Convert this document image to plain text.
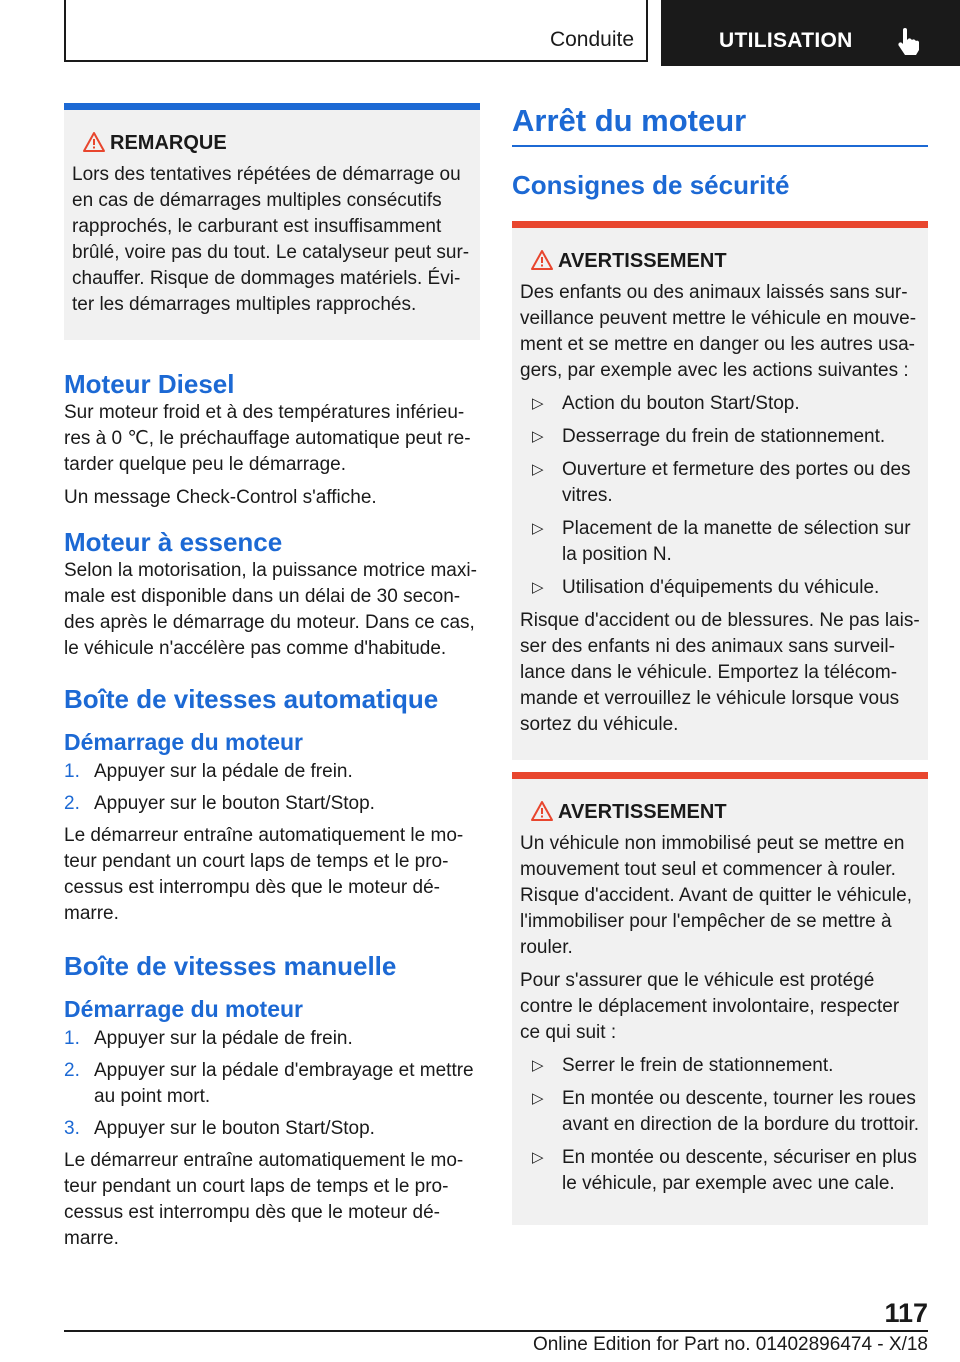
Conduite	UTILISATION
REMARQUE

Lors des tentatives répétées de démarrage ou en cas de démarrages multiples consécutifs rapprochés, le carburant est insuffisamment brûlé, voire pas du tout. Le catalyseur peut surchauffer. Risque de dommages matériels. Éviter les démarrages multiples rapprochés.

Moteur Diesel

Sur moteur froid et à des températures inférieures à 0 ℃, le préchauffage automatique peut retarder quelque peu le démarrage.

Un message Check-Control s'affiche.

Moteur à essence

Selon la motorisation, la puissance motrice maximale est disponible dans un délai de 30 secondes après le démarrage du moteur. Dans ce cas, le véhicule n'accélère pas comme d'habitude.

Boîte de vitesses automatique
Démarrage du moteur
1. Appuyer sur la pédale de frein.
2. Appuyer sur le bouton Start/Stop.

Le démarreur entraîne automatiquement le moteur pendant un court laps de temps et le processus est interrompu dès que le moteur démarre.

Boîte de vitesses manuelle
Démarrage du moteur
1. Appuyer sur la pédale de frein.
2. Appuyer sur la pédale d'embrayage et mettre au point mort.
3. Appuyer sur le bouton Start/Stop.

Le démarreur entraîne automatiquement le moteur pendant un court laps de temps et le processus est interrompu dès que le moteur démarre.

Arrêt du moteur
Consignes de sécurité
AVERTISSEMENT

Des enfants ou des animaux laissés sans surveillance peuvent mettre le véhicule en mouvement et se mettre en danger ou les autres usagers, par exemple avec les actions suivantes :

▷ Action du bouton Start/Stop.
▷ Desserrage du frein de stationnement.
▷ Ouverture et fermeture des portes ou des vitres.
▷ Placement de la manette de sélection sur la position N.
▷ Utilisation d'équipements du véhicule.

Risque d'accident ou de blessures. Ne pas laisser des enfants ni des animaux sans surveillance dans le véhicule. Emportez la télécommande et verrouillez le véhicule lorsque vous sortez du véhicule.

AVERTISSEMENT

Un véhicule non immobilisé peut se mettre en mouvement tout seul et commencer à rouler. Risque d'accident. Avant de quitter le véhicule, l'immobiliser pour l'empêcher de se mettre à rouler.

Pour s'assurer que le véhicule est protégé contre le déplacement involontaire, respecter ce qui suit :

▷ Serrer le frein de stationnement.
▷ En montée ou descente, tourner les roues avant en direction de la bordure du trottoir.
▷ En montée ou descente, sécuriser en plus le véhicule, par exemple avec une cale.
117
Online Edition for Part no. 01402896474 - X/18
